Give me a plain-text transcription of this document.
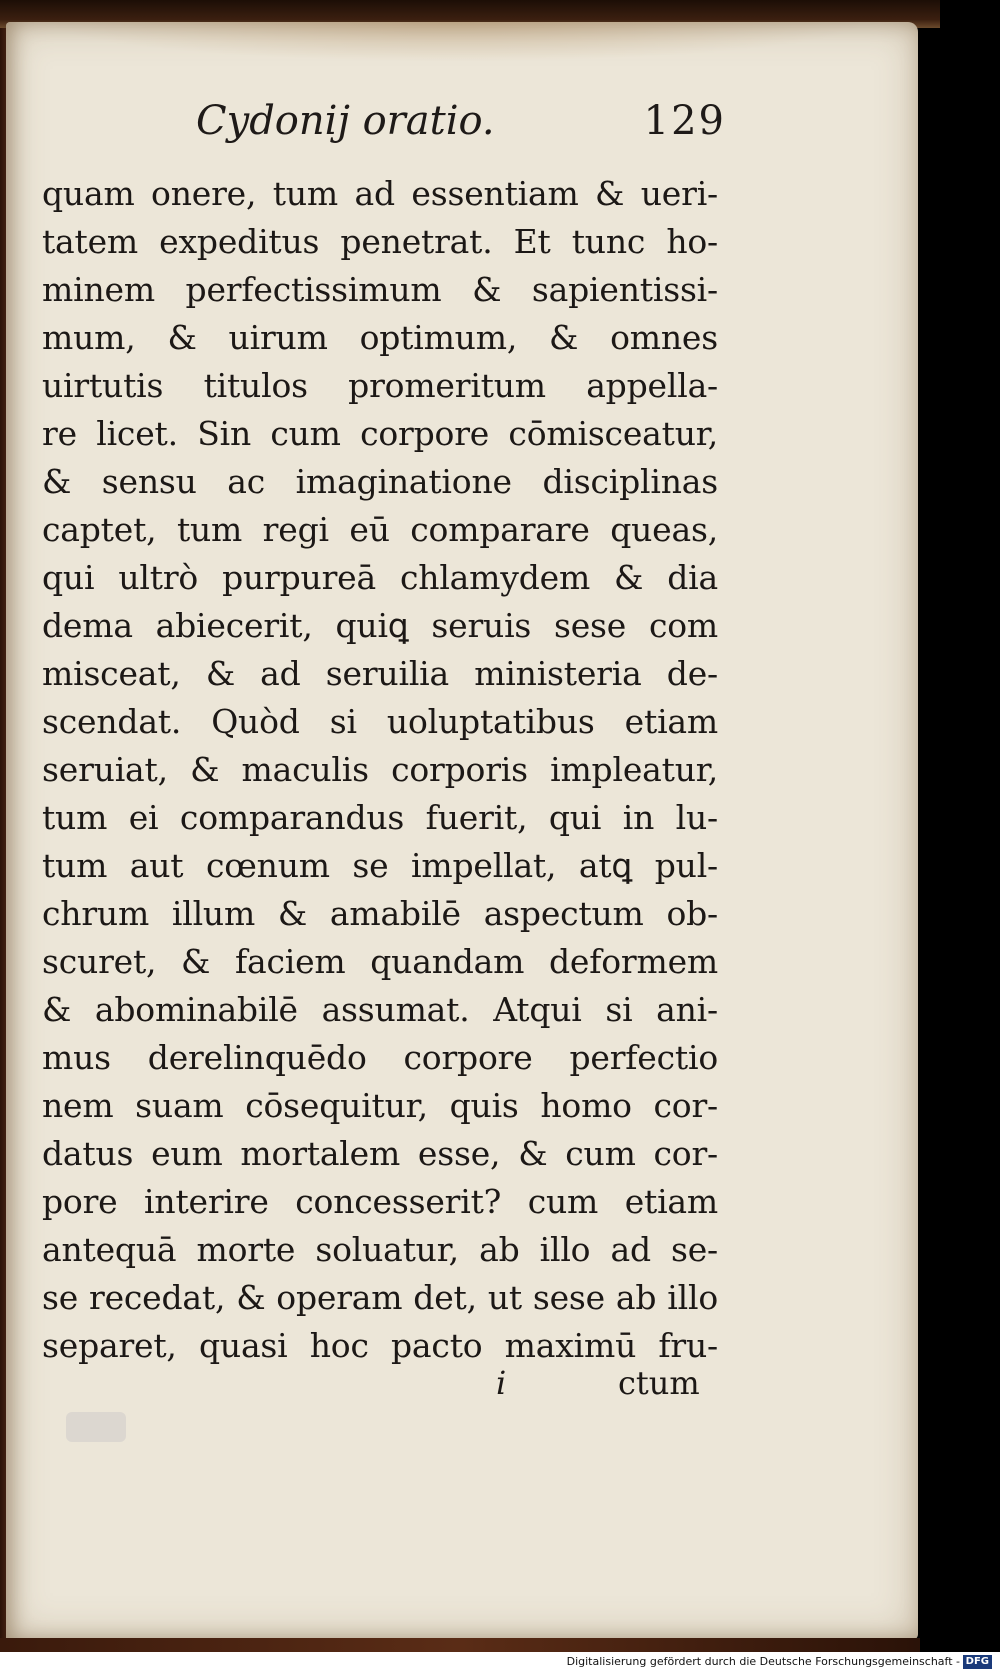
Cydonij oratio.	129
quam onere, tum ad essentiam & ueri-
tatem expeditus penetrat. Et tunc ho-
minem perfectissimum & sapientissi-
mum, & uirum optimum, & omnes
uirtutis titulos promeritum appella-
re licet. Sin cum corpore cōmisceatur,
& sensu ac imaginatione disciplinas
captet, tum regi eū comparare queas,
qui ultrò purpureā chlamydem & dia
dema abiecerit, quiꝗ seruis sese com
misceat, & ad seruilia ministeria de-
scendat. Quòd si uoluptatibus etiam
seruiat, & maculis corporis impleatur,
tum ei comparandus fuerit, qui in lu-
tum aut cœnum se impellat, atꝗ pul-
chrum illum & amabilē aspectum ob-
scuret, & faciem quandam deformem
& abominabilē assumat. Atqui si ani-
mus derelinquēdo corpore perfectio
nem suam cōsequitur, quis homo cor-
datus eum mortalem esse, & cum cor-
pore interire concesserit? cum etiam
antequā morte soluatur, ab illo ad se-
se recedat, & operam det, ut sese ab illo
separet, quasi hoc pacto maximū fru-
i	ctum
Digitalisierung gefördert durch die Deutsche Forschungsgemeinschaft - DFG
